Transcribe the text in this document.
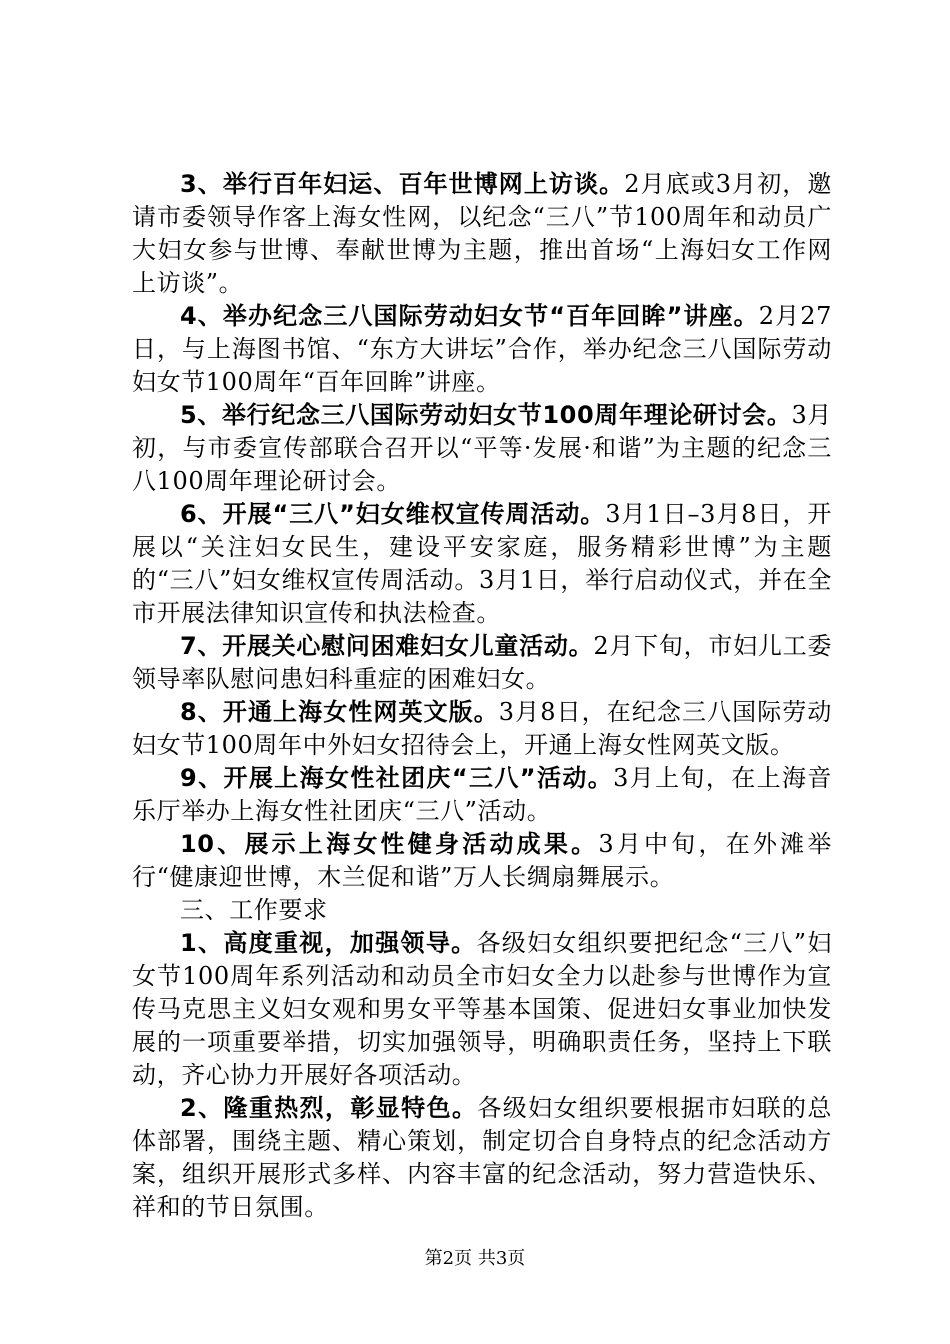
3、举行百年妇运、百年世博网上访谈。2月底或3月初，邀请市委领导作客上海女性网，以纪念“三八”节100周年和动员广大妇女参与世博、奉献世博为主题，推出首场“上海妇女工作网上访谈”。

4、举办纪念三八国际劳动妇女节“百年回眸”讲座。2月27日，与上海图书馆、“东方大讲坛”合作，举办纪念三八国际劳动妇女节100周年“百年回眸”讲座。

5、举行纪念三八国际劳动妇女节100周年理论研讨会。3月初，与市委宣传部联合召开以“平等·发展·和谐”为主题的纪念三八100周年理论研讨会。

6、开展“三八”妇女维权宣传周活动。3月1日–3月8日，开展以“关注妇女民生，建设平安家庭，服务精彩世博”为主题的“三八”妇女维权宣传周活动。3月1日，举行启动仪式，并在全市开展法律知识宣传和执法检查。

7、开展关心慰问困难妇女儿童活动。2月下旬，市妇儿工委领导率队慰问患妇科重症的困难妇女。

8、开通上海女性网英文版。3月8日，在纪念三八国际劳动妇女节100周年中外妇女招待会上，开通上海女性网英文版。

9、开展上海女性社团庆“三八”活动。3月上旬，在上海音乐厅举办上海女性社团庆“三八”活动。

10、展示上海女性健身活动成果。3月中旬，在外滩举行“健康迎世博，木兰促和谐”万人长绸扇舞展示。

三、工作要求

1、高度重视，加强领导。各级妇女组织要把纪念“三八”妇女节100周年系列活动和动员全市妇女全力以赴参与世博作为宣传马克思主义妇女观和男女平等基本国策、促进妇女事业加快发展的一项重要举措，切实加强领导，明确职责任务，坚持上下联动，齐心协力开展好各项活动。

2、隆重热烈，彰显特色。各级妇女组织要根据市妇联的总体部署，围绕主题、精心策划，制定切合自身特点的纪念活动方案，组织开展形式多样、内容丰富的纪念活动，努力营造快乐、祥和的节日氛围。

第2页 共3页
